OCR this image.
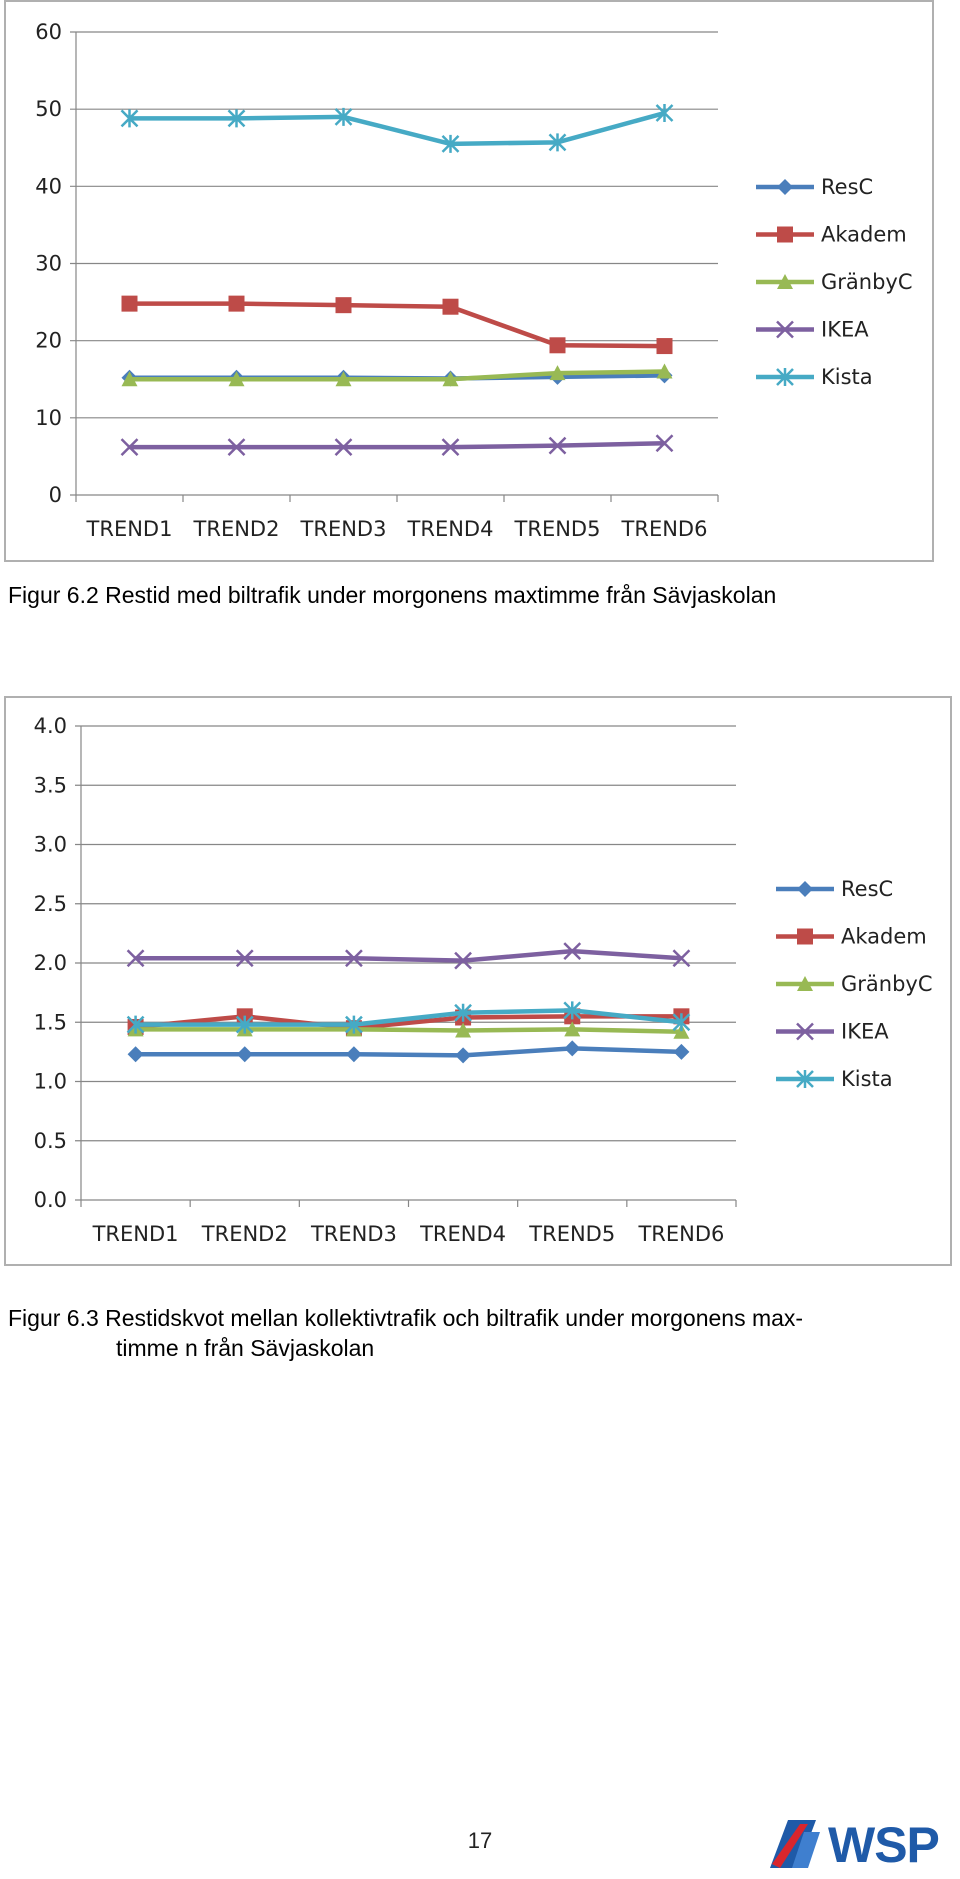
0
10
20
30
40
50
60
TREND1 TREND2 TREND3 TREND4 TREND5 TREND6
ResC
Akadem
GränbyC
IKEA
Kista
Figur 6.2 Restid med biltrafik under morgonens maxtimme från Sävjaskolan
0.0
0.5
1.0
1.5
2.0
2.5
3.0
3.5
4.0
TREND1 TREND2 TREND3 TREND4 TREND5 TREND6
ResC
Akadem
GränbyC
IKEA
Kista
Figur 6.3 Restidskvot mellan kollektivtrafik och biltrafik under morgonens max-
timme n från Sävjaskolan
17	WSP
